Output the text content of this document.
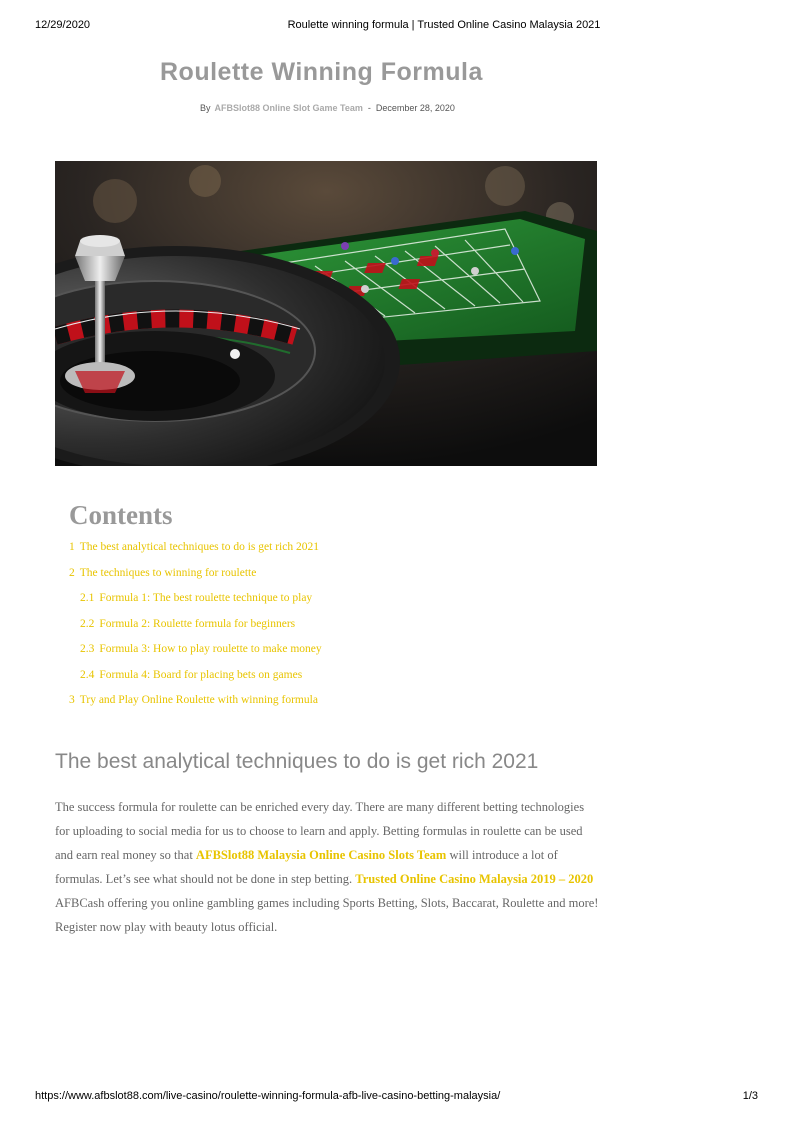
12/29/2020	Roulette winning formula | Trusted Online Casino Malaysia 2021
Roulette Winning Formula
By AFBSlot88 Online Slot Game Team - December 28, 2020
Contents
1 The best analytical techniques to do is get rich 2021
2 The techniques to winning for roulette
2.1 Formula 1: The best roulette technique to play
2.2 Formula 2: Roulette formula for beginners
2.3 Formula 3: How to play roulette to make money
2.4 Formula 4: Board for placing bets on games
3 Try and Play Online Roulette with winning formula
The best analytical techniques to do is get rich 2021

The success formula for roulette can be enriched every day. There are many different betting technologies for uploading to social media for us to choose to learn and apply. Betting formulas in roulette can be used and earn real money so that AFBSlot88 Malaysia Online Casino Slots Team will introduce a lot of formulas. Let’s see what should not be done in step betting. Trusted Online Casino Malaysia 2019 – 2020 AFBCash offering you online gambling games including Sports Betting, Slots, Baccarat, Roulette and more! Register now play with beauty lotus official.

https://www.afbslot88.com/live-casino/roulette-winning-formula-afb-live-casino-betting-malaysia/	1/3
